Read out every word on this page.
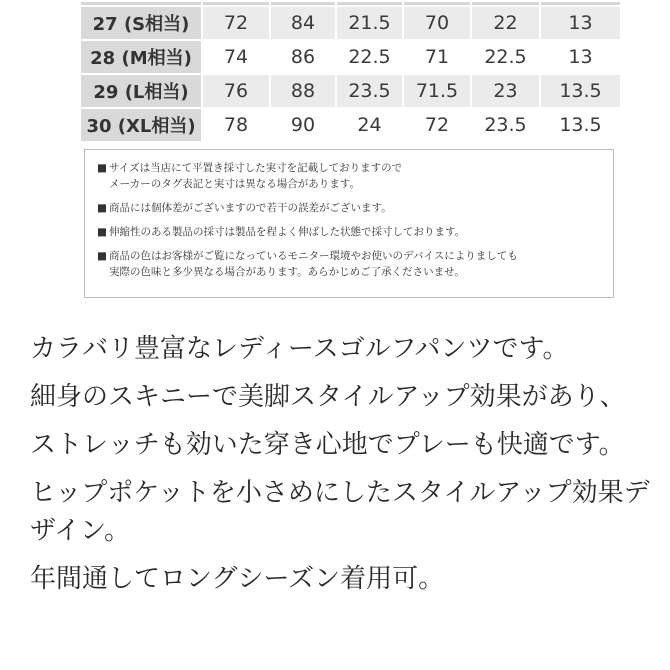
27 (S相当)	72	84	21.5	70	22	13
28 (M相当)	74	86	22.5	71	22.5	13
29 (L相当)	76	88	23.5	71.5	23	13.5
30 (XL相当)	78	90	24	72	23.5	13.5
■ サイズは当店にて平置き採寸した実寸を記載しておりますので
メーカーのタグ表記と実寸は異なる場合があります。
■ 商品には個体差がございますので若干の誤差がございます。
■ 伸縮性のある製品の採寸は製品を程よく伸ばした状態で採寸しております。
■ 商品の色はお客様がご覧になっているモニター環境やお使いのデバイスによりましても
実際の色味と多少異なる場合があります。あらかじめご了承くださいませ。

カラバリ豊富なレディースゴルフパンツです。

細身のスキニーで美脚スタイルアップ効果があり、

ストレッチも効いた穿き心地でプレーも快適です。

ヒップポケットを小さめにしたスタイルアップ効果デザイン。

年間通してロングシーズン着用可。
